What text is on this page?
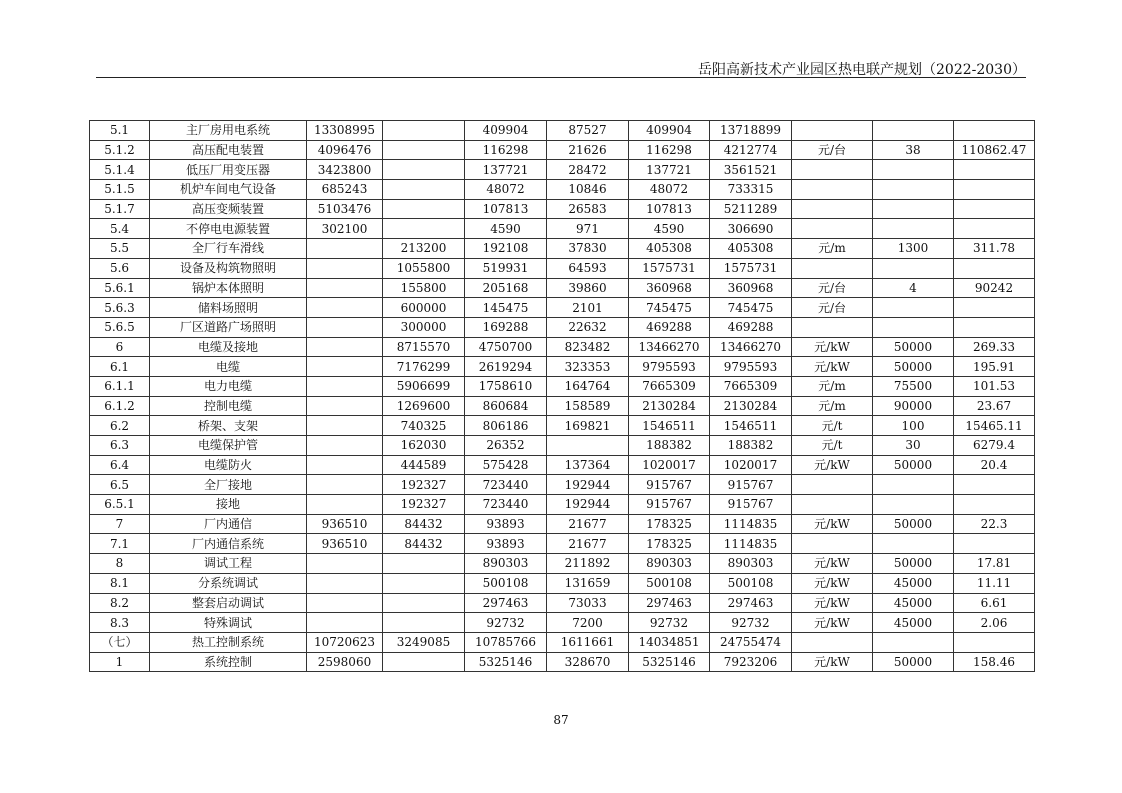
岳阳高新技术产业园区热电联产规划（2022-2030）
5.1	主厂房用电系统	13308995		409904	87527	409904	13718899			
5.1.2	高压配电装置	4096476		116298	21626	116298	4212774	元/台	38	110862.47
5.1.4	低压厂用变压器	3423800		137721	28472	137721	3561521			
5.1.5	机炉车间电气设备	685243		48072	10846	48072	733315			
5.1.7	高压变频装置	5103476		107813	26583	107813	5211289			
5.4	不停电电源装置	302100		4590	971	4590	306690			
5.5	全厂行车滑线		213200	192108	37830	405308	405308	元/m	1300	311.78
5.6	设备及构筑物照明		1055800	519931	64593	1575731	1575731			
5.6.1	锅炉本体照明		155800	205168	39860	360968	360968	元/台	4	90242
5.6.3	储料场照明		600000	145475	2101	745475	745475	元/台		
5.6.5	厂区道路广场照明		300000	169288	22632	469288	469288			
6	电缆及接地		8715570	4750700	823482	13466270	13466270	元/kW	50000	269.33
6.1	电缆		7176299	2619294	323353	9795593	9795593	元/kW	50000	195.91
6.1.1	电力电缆		5906699	1758610	164764	7665309	7665309	元/m	75500	101.53
6.1.2	控制电缆		1269600	860684	158589	2130284	2130284	元/m	90000	23.67
6.2	桥架、支架		740325	806186	169821	1546511	1546511	元/t	100	15465.11
6.3	电缆保护管		162030	26352		188382	188382	元/t	30	6279.4
6.4	电缆防火		444589	575428	137364	1020017	1020017	元/kW	50000	20.4
6.5	全厂接地		192327	723440	192944	915767	915767			
6.5.1	接地		192327	723440	192944	915767	915767			
7	厂内通信	936510	84432	93893	21677	178325	1114835	元/kW	50000	22.3
7.1	厂内通信系统	936510	84432	93893	21677	178325	1114835			
8	调试工程			890303	211892	890303	890303	元/kW	50000	17.81
8.1	分系统调试			500108	131659	500108	500108	元/kW	45000	11.11
8.2	整套启动调试			297463	73033	297463	297463	元/kW	45000	6.61
8.3	特殊调试			92732	7200	92732	92732	元/kW	45000	2.06
（七）	热工控制系统	10720623	3249085	10785766	1611661	14034851	24755474			
1	系统控制	2598060		5325146	328670	5325146	7923206	元/kW	50000	158.46
87
